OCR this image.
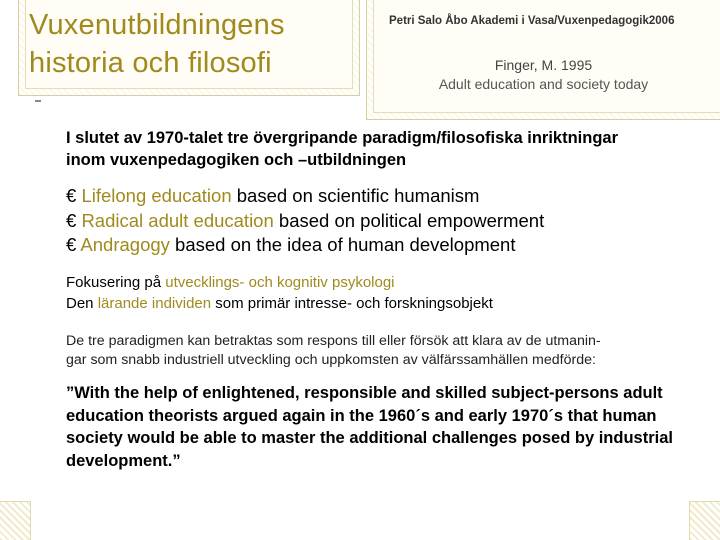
Vuxenutbildningens
historia och filosofi
Petri Salo Åbo Akademi i Vasa/Vuxenpedagogik2006
Finger, M. 1995
Adult education and society today
I slutet av 1970-talet tre övergripande paradigm/filosofiska inriktningar
inom vuxenpedagogiken och –utbildningen
€ Lifelong education based on scientific humanism
€ Radical adult education based on political empowerment
€ Andragogy based on the idea of human development
Fokusering på utvecklings- och kognitiv psykologi
Den lärande individen som primär intresse- och forskningsobjekt
De tre paradigmen kan betraktas som respons till eller försök att klara av de utmanin-
gar som snabb industriell utveckling och uppkomsten av välfärssamhällen medförde:
”With the help of enlightened, responsible and skilled subject-persons adult
education theorists argued again in the 1960´s and early 1970´s that human
society would be able to master the additional challenges posed by industrial
development.”
